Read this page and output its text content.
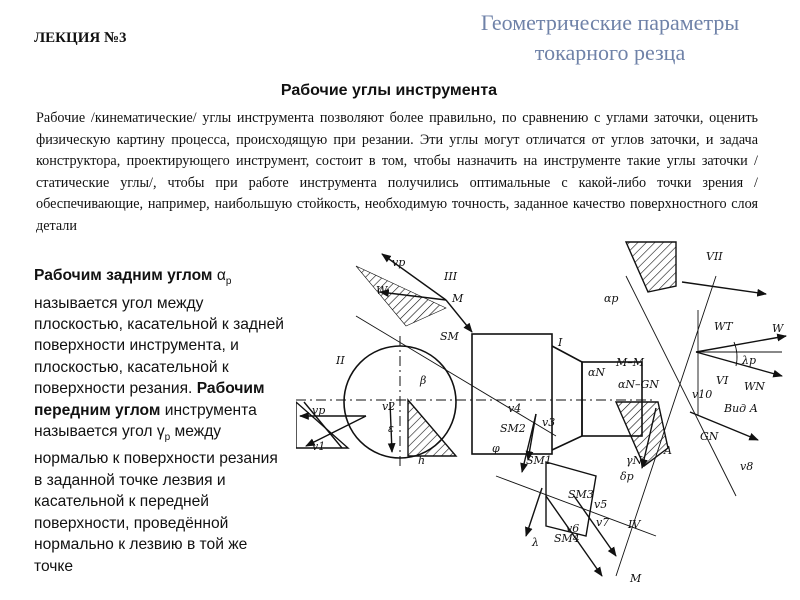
ЛЕКЦИЯ №3
Геометрические параметры
токарного резца
Рабочие углы инструмента
Рабочие /кинематические/ углы инструмента позволяют более правильно, по сравнению с углами заточки, оценить физическую картину процесса, происходящую при резании. Эти углы могут отличатся от углов заточки, и задача конструктора, проектирующего инструмент, состоит в том, чтобы назначить на инструменте такие углы заточки /статические углы/, чтобы при работе инструмента получились оптимальные с какой-либо точки зрения /обеспечивающие, например, наибольшую стойкость, необходимую точность, заданное качество поверхностного слоя детали
Рабочим задним углом $\alpha_р$ называется угол между плоскостью, касательной к задней поверхности инструмента, и плоскостью, касательной к поверхности резания. Рабочим передним углом инструмента называется угол $\gamma_р$ между нормалью к поверхности резания в заданной точке лезвия и касательной к передней поверхности, проведённой нормально к лезвию в той же точке
III
vp
W
M
SM
II
I
vp
v1
v2
ε
h
β
φ
v4
SM2
SM1
v3
M–M
αN
αN–GN
v10
WT	W
λp
WN
VI
Вид А
VII
αp
GN
v8
A
γN
δp
SM3
v5
v6 v7
SM4
λ
IV
M
